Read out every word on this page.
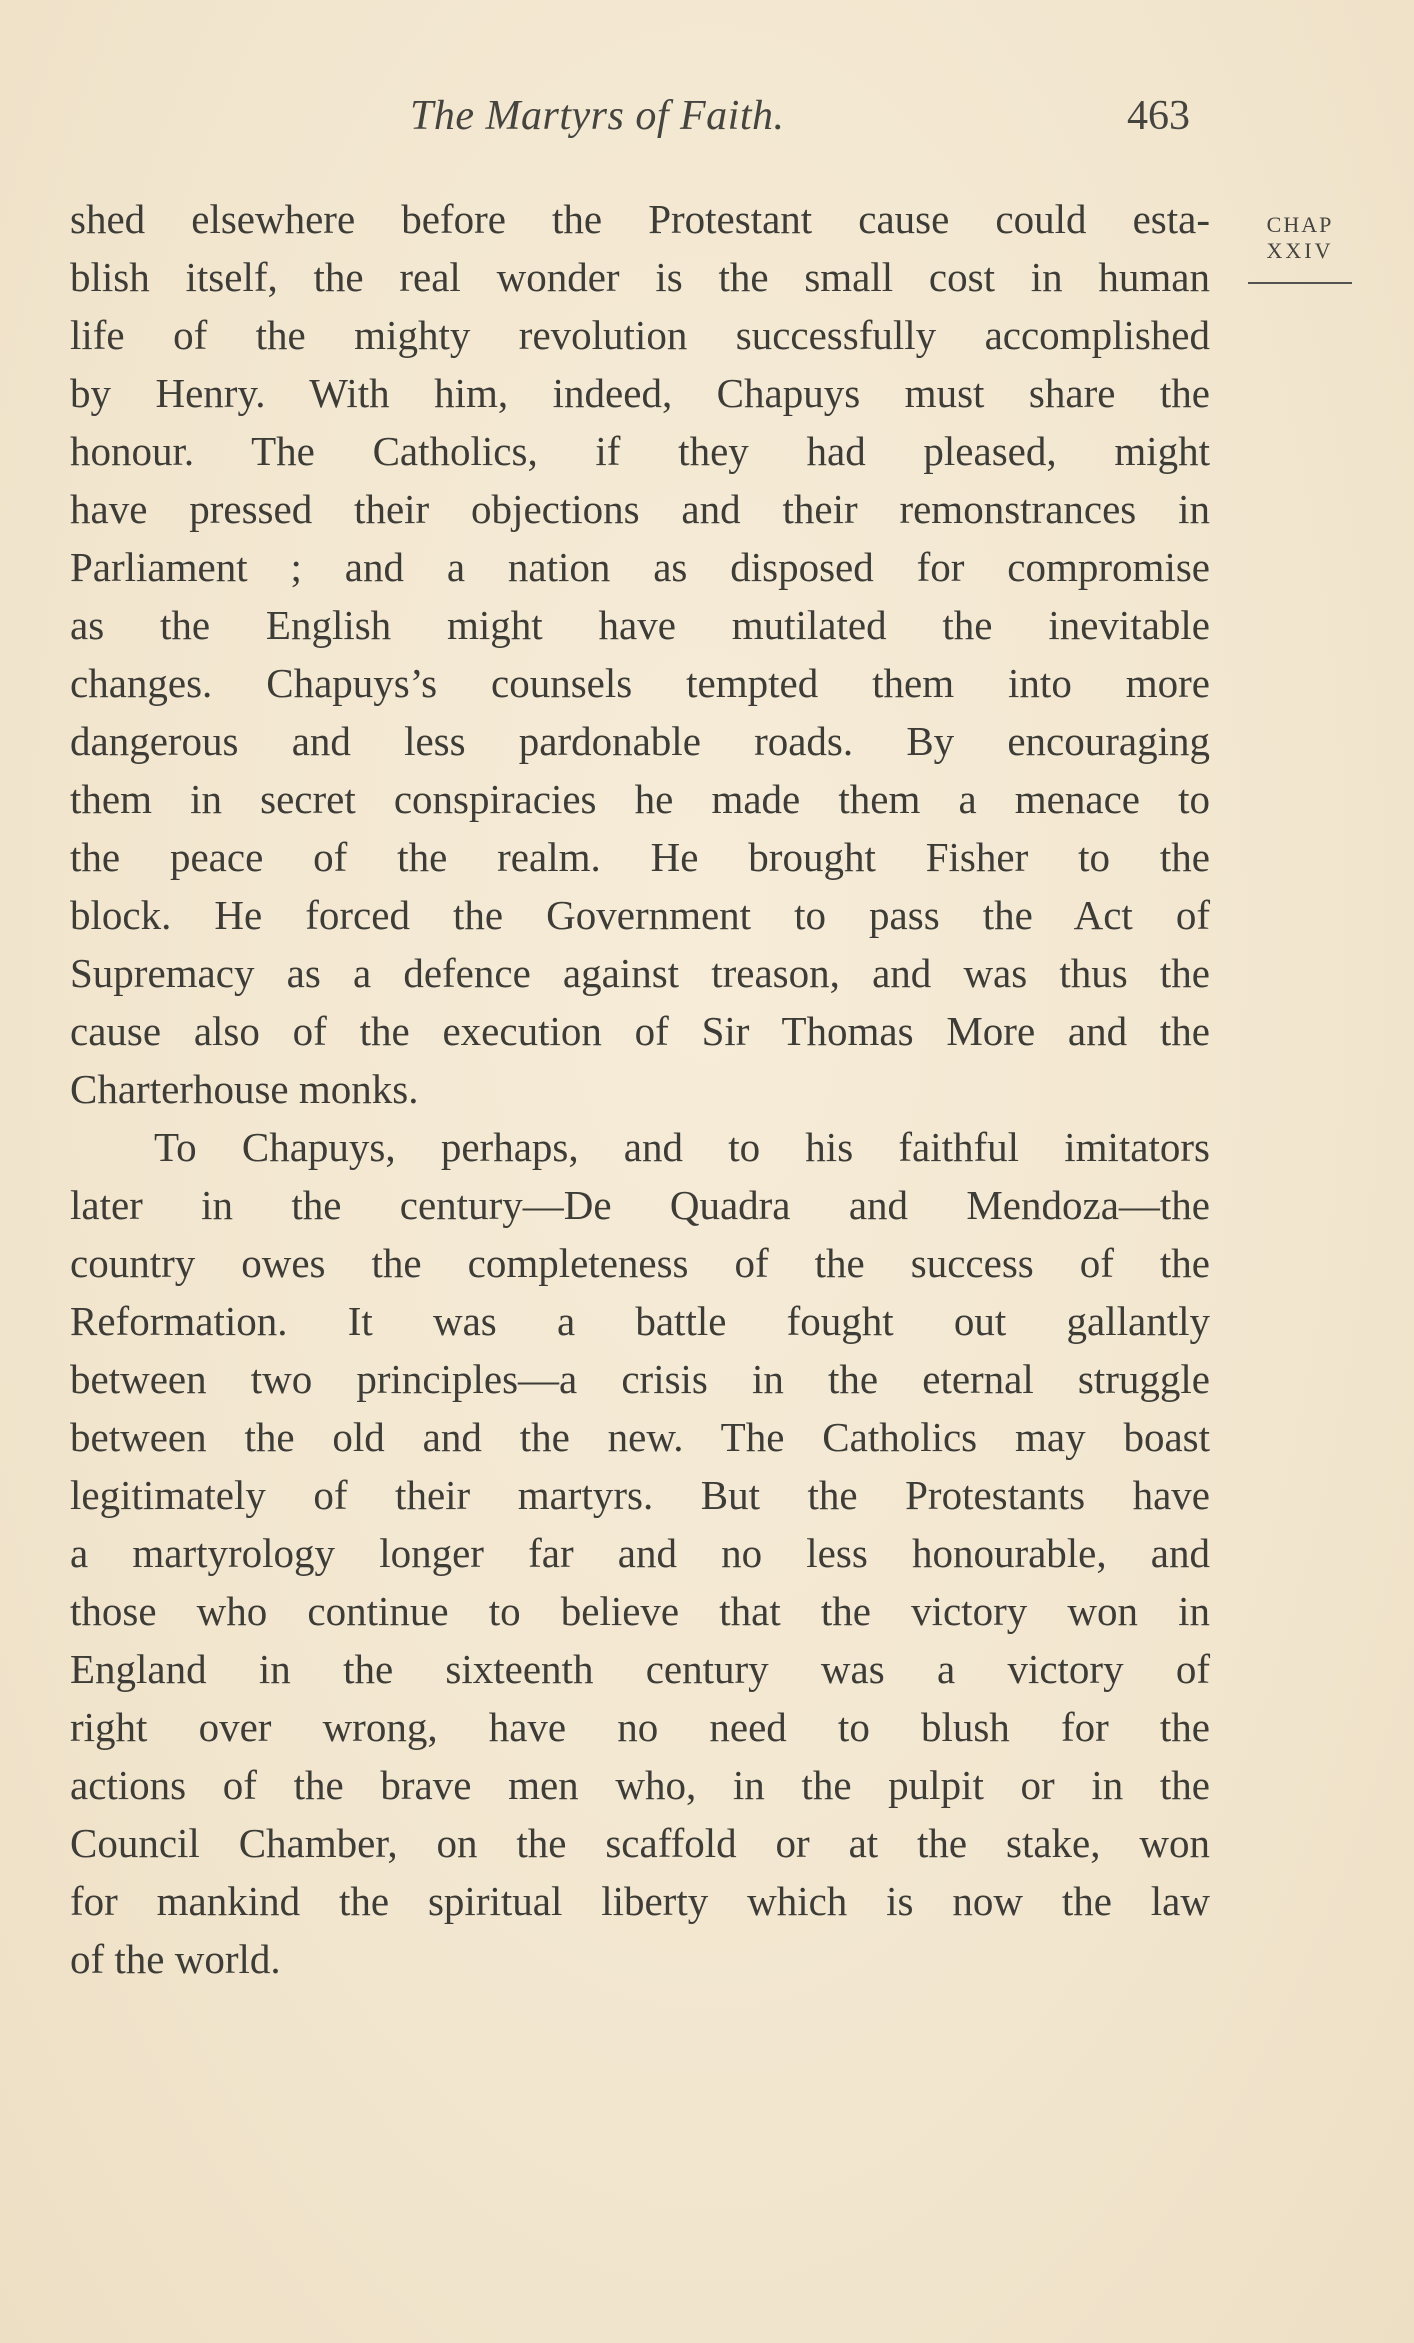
The Martyrs of Faith.	463
CHAP
XXIV

shed elsewhere before the Protestant cause could esta-
blish itself, the real wonder is the small cost in human
life of the mighty revolution successfully accomplished
by Henry. With him, indeed, Chapuys must share the
honour. The Catholics, if they had pleased, might
have pressed their objections and their remonstrances in
Parliament ; and a nation as disposed for compromise
as the English might have mutilated the inevitable
changes. Chapuys’s counsels tempted them into more
dangerous and less pardonable roads. By encouraging
them in secret conspiracies he made them a menace to
the peace of the realm. He brought Fisher to the
block. He forced the Government to pass the Act of
Supremacy as a defence against treason, and was thus the
cause also of the execution of Sir Thomas More and the
Charterhouse monks.

To Chapuys, perhaps, and to his faithful imitators
later in the century—De Quadra and Mendoza—the
country owes the completeness of the success of the
Reformation. It was a battle fought out gallantly
between two principles—a crisis in the eternal struggle
between the old and the new. The Catholics may boast
legitimately of their martyrs. But the Protestants have
a martyrology longer far and no less honourable, and
those who continue to believe that the victory won in
England in the sixteenth century was a victory of
right over wrong, have no need to blush for the
actions of the brave men who, in the pulpit or in the
Council Chamber, on the scaffold or at the stake, won
for mankind the spiritual liberty which is now the law
of the world.
